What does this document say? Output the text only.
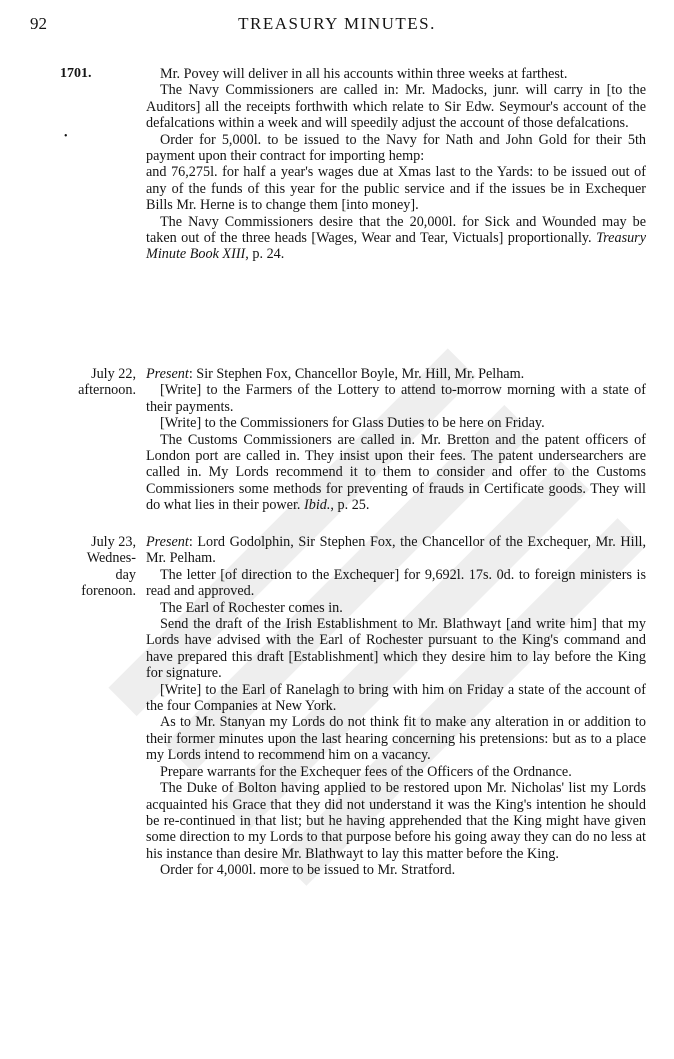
92	TREASURY MINUTES.
1701.
•

Mr. Povey will deliver in all his accounts within three weeks at farthest.

The Navy Commissioners are called in: Mr. Madocks, junr. will carry in [to the Auditors] all the receipts forthwith which relate to Sir Edw. Seymour's account of the defalcations within a week and will speedily adjust the account of those defalcations.

Order for 5,000l. to be issued to the Navy for Nath and John Gold for their 5th payment upon their contract for importing hemp:

and 76,275l. for half a year's wages due at Xmas last to the Yards: to be issued out of any of the funds of this year for the public service and if the issues be in Exchequer Bills Mr. Herne is to change them [into money].

The Navy Commissioners desire that the 20,000l. for Sick and Wounded may be taken out of the three heads [Wages, Wear and Tear, Victuals] proportionally. Treasury Minute Book XIII, p. 24.

July 22,
afternoon.

Present: Sir Stephen Fox, Chancellor Boyle, Mr. Hill, Mr. Pelham.

[Write] to the Farmers of the Lottery to attend to-morrow morning with a state of their payments.

[Write] to the Commissioners for Glass Duties to be here on Friday.

The Customs Commissioners are called in. Mr. Bretton and the patent officers of London port are called in. They insist upon their fees. The patent undersearchers are called in. My Lords recommend it to them to consider and offer to the Customs Commissioners some methods for preventing of frauds in Certificate goods. They will do what lies in their power. Ibid., p. 25.

July 23,
Wednes-
day
forenoon.

Present: Lord Godolphin, Sir Stephen Fox, the Chancellor of the Exchequer, Mr. Hill, Mr. Pelham.

The letter [of direction to the Exchequer] for 9,692l. 17s. 0d. to foreign ministers is read and approved.

The Earl of Rochester comes in.

Send the draft of the Irish Establishment to Mr. Blathwayt [and write him] that my Lords have advised with the Earl of Rochester pursuant to the King's command and have prepared this draft [Establishment] which they desire him to lay before the King for signature.

[Write] to the Earl of Ranelagh to bring with him on Friday a state of the account of the four Companies at New York.

As to Mr. Stanyan my Lords do not think fit to make any alteration in or addition to their former minutes upon the last hearing concerning his pretensions: but as to a place my Lords intend to recommend him on a vacancy.

Prepare warrants for the Exchequer fees of the Officers of the Ordnance.

The Duke of Bolton having applied to be restored upon Mr. Nicholas' list my Lords acquainted his Grace that they did not understand it was the King's intention he should be re-continued in that list; but he having apprehended that the King might have given some direction to my Lords to that purpose before his going away they can do no less at his instance than desire Mr. Blathwayt to lay this matter before the King.

Order for 4,000l. more to be issued to Mr. Stratford.
